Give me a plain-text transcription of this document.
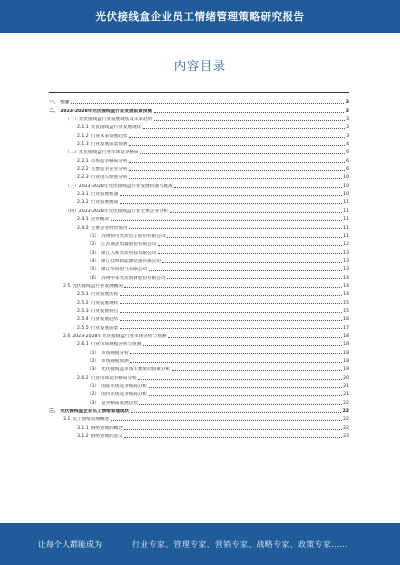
光伏接线盒企业员工情绪管理策略研究报告
内容目录
一、 引言	3
二、 2023-2028年光伏接线盒行业发展前景预测	3
（一）光伏接线盒行业发展现状及未来趋势	3
2.1.1 光伏接线盒行业发展现状	3
2.1.2 行业未来发展趋势	3
2.1.3 行业发展前景预测	4
（二）光伏接线盒行业市场竞争格局	6
2.2.1 市场竞争格局分析	6
2.2.2 主要竞争企业分析	6
2.2.3 行业进入壁垒分析	10
（三）2023-2028年光伏接线盒行业发展机遇与挑战	10
2.3.1 行业发展机遇	10
2.3.2 行业发展挑战	11
（四）2023-2028年光伏接线盒行业主要企业分析	11
2.4.1 企业概况	11
2.4.2 主要企业经营情况	11
（1） 苏州快可光伏电子股份有限公司	11
（2） 江苏通灵电器股份有限公司	12
（3） 浙江人和光伏科技有限公司	13
（4） 浙江佳明新能源装备有限公司	13
（5） 浙江华鸿电气有限公司	13
（6） 苏州中来光伏新材股份有限公司	14
2.5 光伏接线盒行业发展概况	14
2.5.1 行业发展历程	14
2.5.2 行业发展现状	15
2.5.3 行业发展特点	15
2.5.4 行业发展趋势	16
2.5.5 行业发展前景	17
2.6 2023-2028年光伏接线盒行业市场分析与预测	18
2.6.1 行业市场规模分析与预测	18
（1） 市场规模分析	18
（2） 市场规模预测	18
（3） 光伏接线盒市场主要驱动因素分析	19
2.6.2 行业市场竞争格局分析	20
（1） 国际市场竞争格局分析	21
（2） 国内市场竞争格局分析	21
（3） 竞争格局发展趋势	22
三、 光伏接线盒企业员工情绪管理现状	22
3.1 员工情绪管理概述	22
3.1.1 情绪管理的概念	22
3.1.2 情绪管理的意义	23
让每个人都能成为	行业专家、管理专家、营销专家、战略专家、政策专家……
